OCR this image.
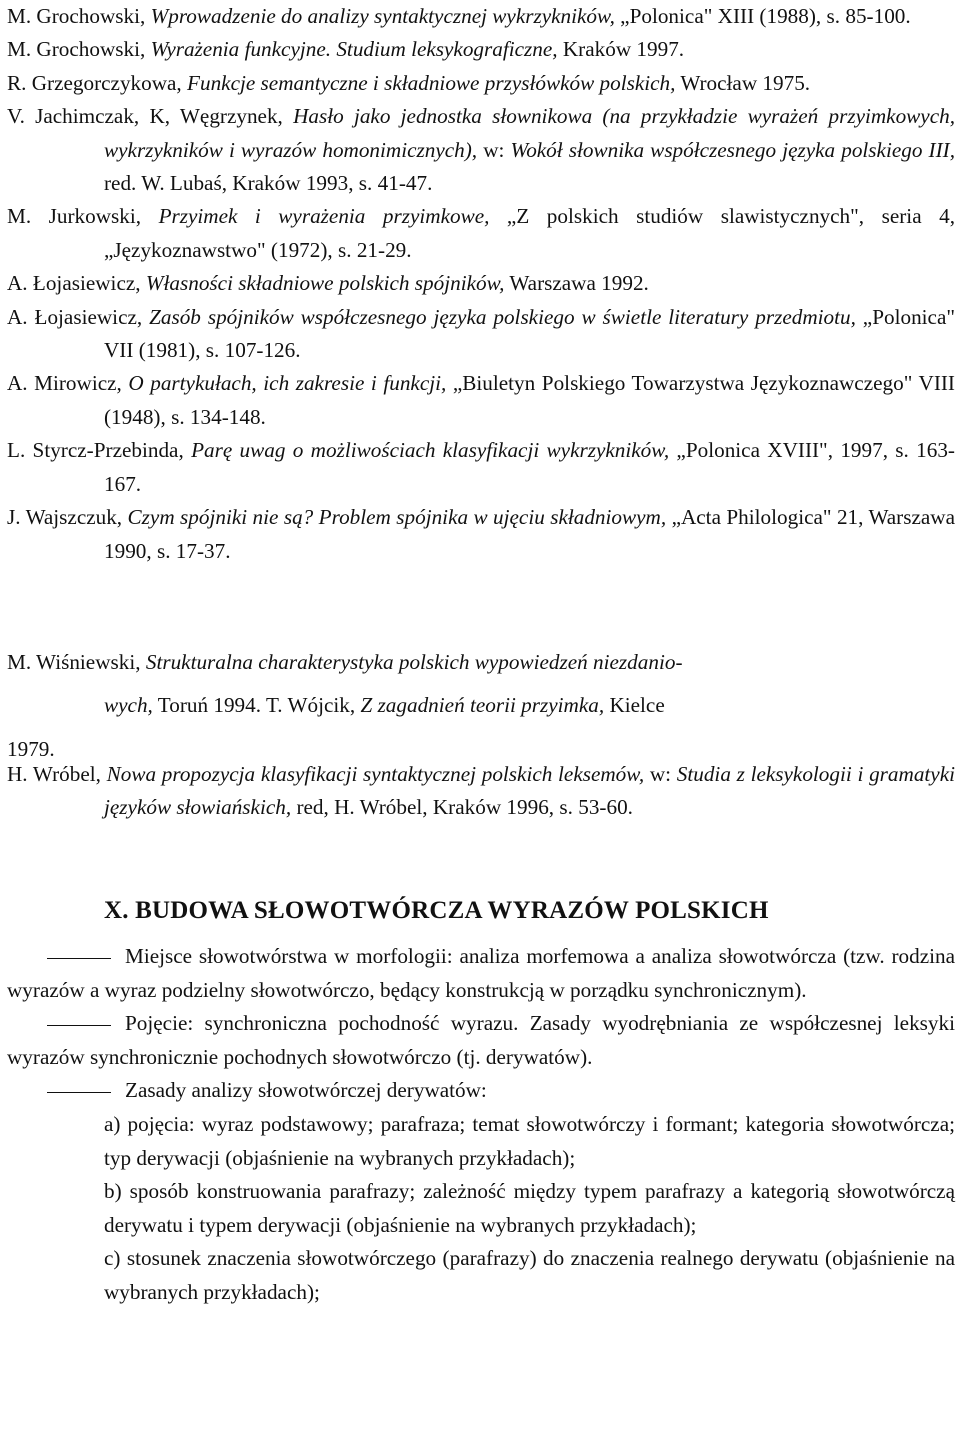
M. Grochowski, Wprowadzenie do analizy syntaktycznej wykrzykników, „Polonica" XIII (1988), s. 85-100.
M. Grochowski, Wyrażenia funkcyjne. Studium leksykograficzne, Kraków 1997.
R. Grzegorczykowa, Funkcje semantyczne i składniowe przysłówków polskich, Wrocław 1975.
V. Jachimczak, K, Węgrzynek, Hasło jako jednostka słownikowa (na przykładzie wyrażeń przyimkowych, wykrzykników i wyrazów homonimicznych), w: Wokół słownika współczesnego języka polskiego III, red. W. Lubaś, Kraków 1993, s. 41-47.
M. Jurkowski, Przyimek i wyrażenia przyimkowe, „Z polskich studiów slawistycznych", seria 4, „Językoznawstwo" (1972), s. 21-29.
A. Łojasiewicz, Własności składniowe polskich spójników, Warszawa 1992.
A. Łojasiewicz, Zasób spójników współczesnego języka polskiego w świetle literatury przedmiotu, „Polonica" VII (1981), s. 107-126.
A. Mirowicz, O partykułach, ich zakresie i funkcji, „Biuletyn Polskiego Towarzystwa Językoznawczego" VIII (1948), s. 134-148.
L. Styrcz-Przebinda, Parę uwag o możliwościach klasyfikacji wykrzykników, „Polonica XVIII", 1997, s. 163-167.
J. Wajszczuk, Czym spójniki nie są? Problem spójnika w ujęciu składniowym, „Acta Philologica" 21, Warszawa 1990, s. 17-37.
M. Wiśniewski, Strukturalna charakterystyka polskich wypowiedzeń niezdanio-
wych, Toruń 1994. T. Wójcik, Z zagadnień teorii przyimka, Kielce
1979.
H. Wróbel, Nowa propozycja klasyfikacji syntaktycznej polskich leksemów, w: Studia z leksykologii i gramatyki języków słowiańskich, red, H. Wróbel, Kraków 1996, s. 53-60.
X. BUDOWA SŁOWOTWÓRCZA WYRAZÓW POLSKICH

Miejsce słowotwórstwa w morfologii: analiza morfemowa a analiza słowotwórcza (tzw. rodzina wyrazów a wyraz podzielny słowotwórczo, będący konstrukcją w porządku synchronicznym).

Pojęcie: synchroniczna pochodność wyrazu. Zasady wyodrębniania ze współczesnej leksyki wyrazów synchronicznie pochodnych słowotwórczo (tj. derywatów).

Zasady analizy słowotwórczej derywatów:

a) pojęcia: wyraz podstawowy; parafraza; temat słowotwórczy i formant; kategoria słowotwórcza; typ derywacji (objaśnienie na wybranych przykładach);
b) sposób konstruowania parafrazy; zależność między typem parafrazy a kategorią słowotwórczą derywatu i typem derywacji (objaśnienie na wybranych przykładach);
c) stosunek znaczenia słowotwórczego (parafrazy) do znaczenia realnego derywatu (objaśnienie na wybranych przykładach);
